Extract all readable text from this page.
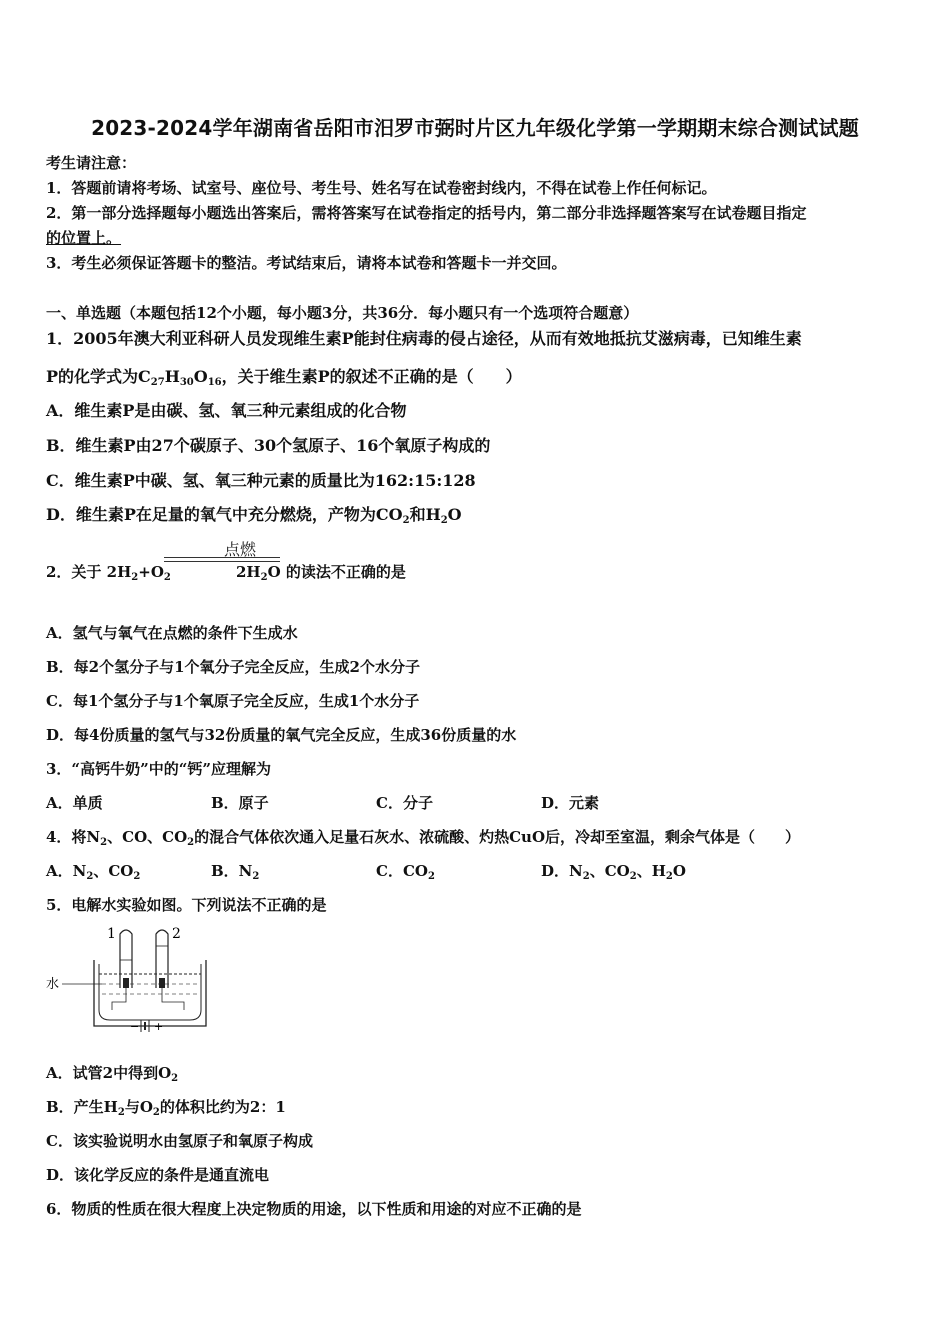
2023-2024学年湖南省岳阳市汨罗市弼时片区九年级化学第一学期期末综合测试试题
考生请注意：
1．答题前请将考场、试室号、座位号、考生号、姓名写在试卷密封线内，不得在试卷上作任何标记。
2．第一部分选择题每小题选出答案后，需将答案写在试卷指定的括号内，第二部分非选择题答案写在试卷题目指定
的位置上。
3．考生必须保证答题卡的整洁。考试结束后，请将本试卷和答题卡一并交回。
一、单选题（本题包括12个小题，每小题3分，共36分．每小题只有一个选项符合题意）
1．2005年澳大利亚科研人员发现维生素P能封住病毒的侵占途径，从而有效地抵抗艾滋病毒，已知维生素
P的化学式为$C_{27}H_{30}O_{16}$，关于维生素P的叙述不正确的是（　　）
A．维生素P是由碳、氢、氧三种元素组成的化合物
B．维生素P由27个碳原子、30个氢原子、16个氧原子构成的
C．维生素P中碳、氢、氧三种元素的质量比为162:15:128
D．维生素P在足量的氧气中充分燃烧，产物为$CO_2$和$H_2O$
2．关于 $2H_2+O_2$
点燃
$2H_2O$ 的读法不正确的是
A．氢气与氧气在点燃的条件下生成水
B．每2个氢分子与1个氧分子完全反应，生成2个水分子
C．每1个氢分子与1个氧原子完全反应，生成1个水分子
D．每4份质量的氢气与32份质量的氧气完全反应，生成36份质量的水
3．“高钙牛奶”中的“钙”应理解为
A．单质	B．原子	C．分子	D．元素
4．将$N_2$、CO、$CO_2$的混合气体依次通入足量石灰水、浓硫酸、灼热CuO后，冷却至室温，剩余气体是（　　）
A．$N_2$、$CO_2$	B．$N_2$	C．$CO_2$	D．$N_2$、$CO_2$、$H_2O$
5．电解水实验如图。下列说法不正确的是
− +
1	2
水
A．试管2中得到$O_2$
B．产生$H_2$与$O_2$的体积比约为2：1
C．该实验说明水由氢原子和氧原子构成
D．该化学反应的条件是通直流电
6．物质的性质在很大程度上决定物质的用途，以下性质和用途的对应不正确的是
